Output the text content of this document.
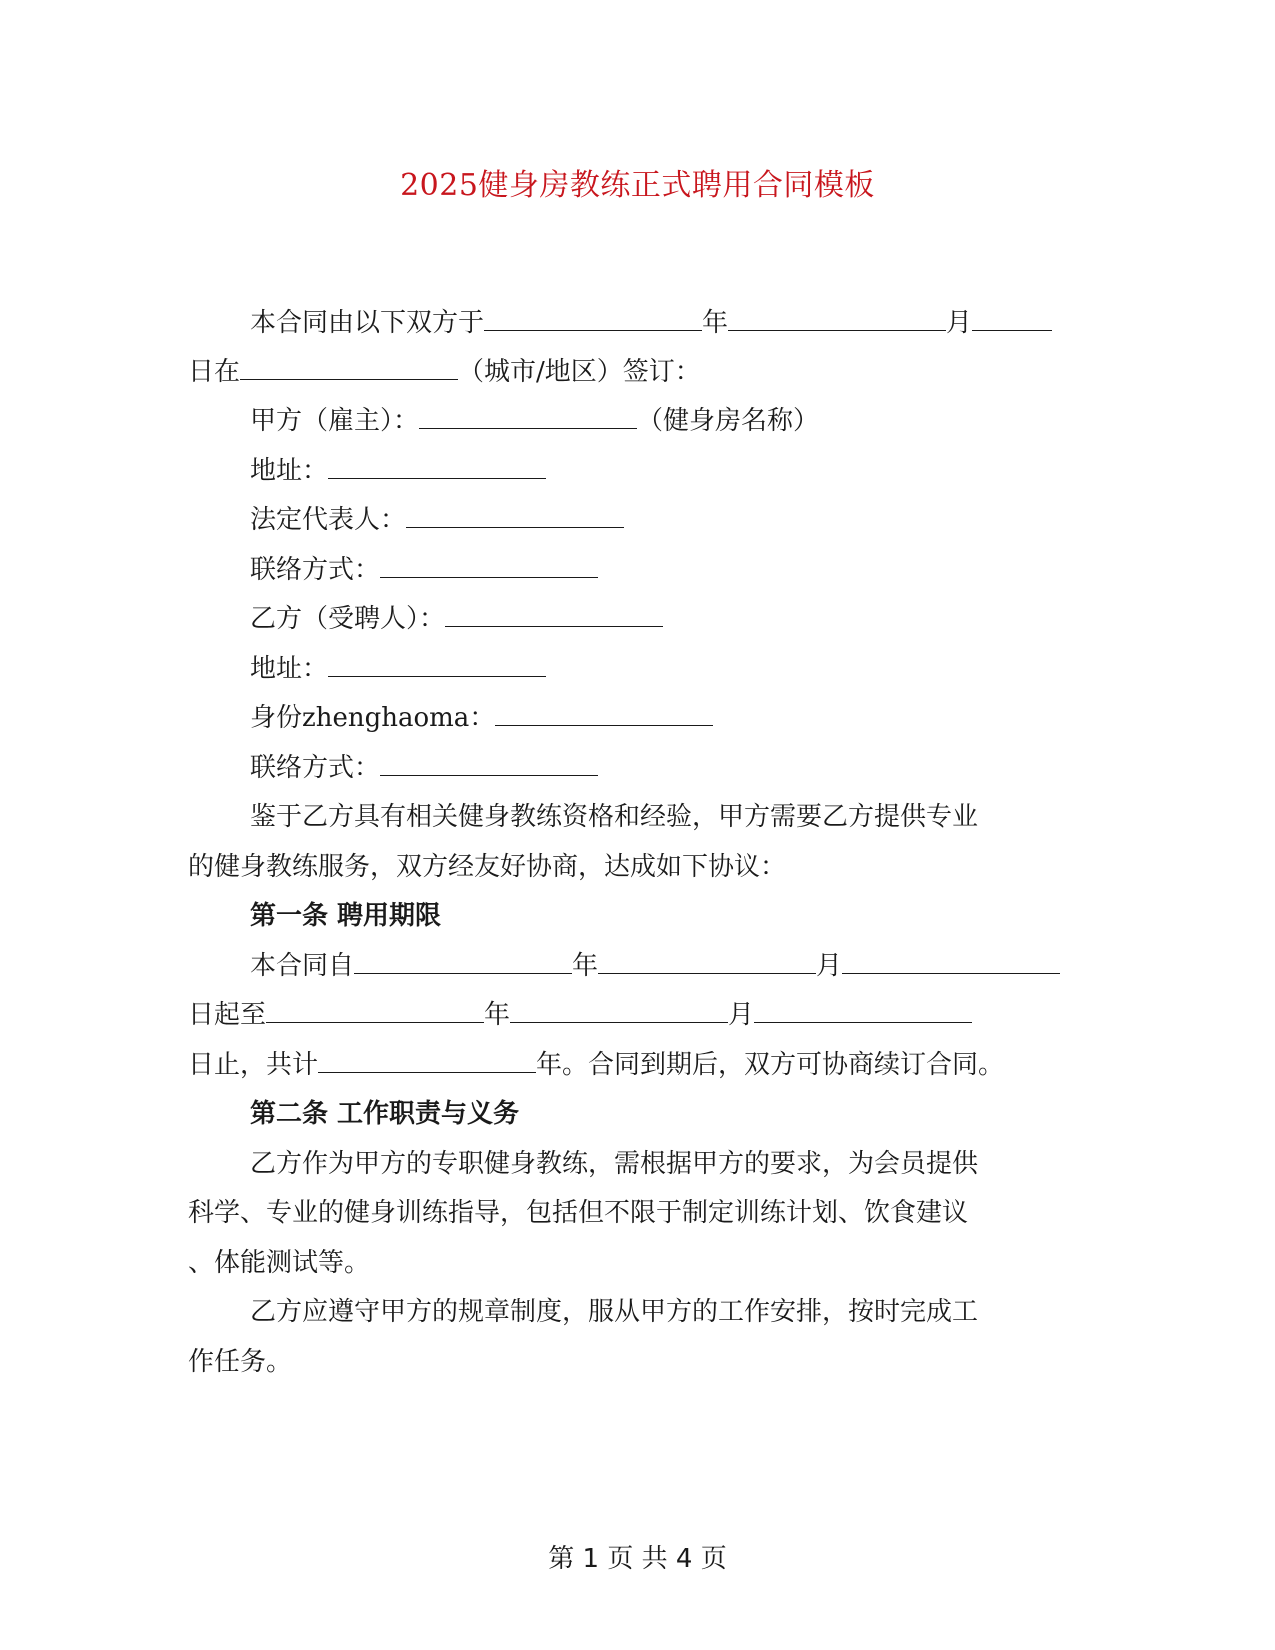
2025健身房教练正式聘用合同模板
本合同由以下双方于	年	月
日在	（城市/地区）签订：
甲方（雇主）：	（健身房名称）
地址：
法定代表人：
联络方式：
乙方（受聘人）：
地址：
身份zhenghaoma：
联络方式：
鉴于乙方具有相关健身教练资格和经验，甲方需要乙方提供专业
的健身教练服务，双方经友好协商，达成如下协议：
第一条 聘用期限
本合同自	年	月
日起至	年	月
日止，共计	年。合同到期后，双方可协商续订合同。
第二条 工作职责与义务
乙方作为甲方的专职健身教练，需根据甲方的要求，为会员提供
科学、专业的健身训练指导，包括但不限于制定训练计划、饮食建议
、体能测试等。
乙方应遵守甲方的规章制度，服从甲方的工作安排，按时完成工
作任务。
第 1 页 共 4 页
